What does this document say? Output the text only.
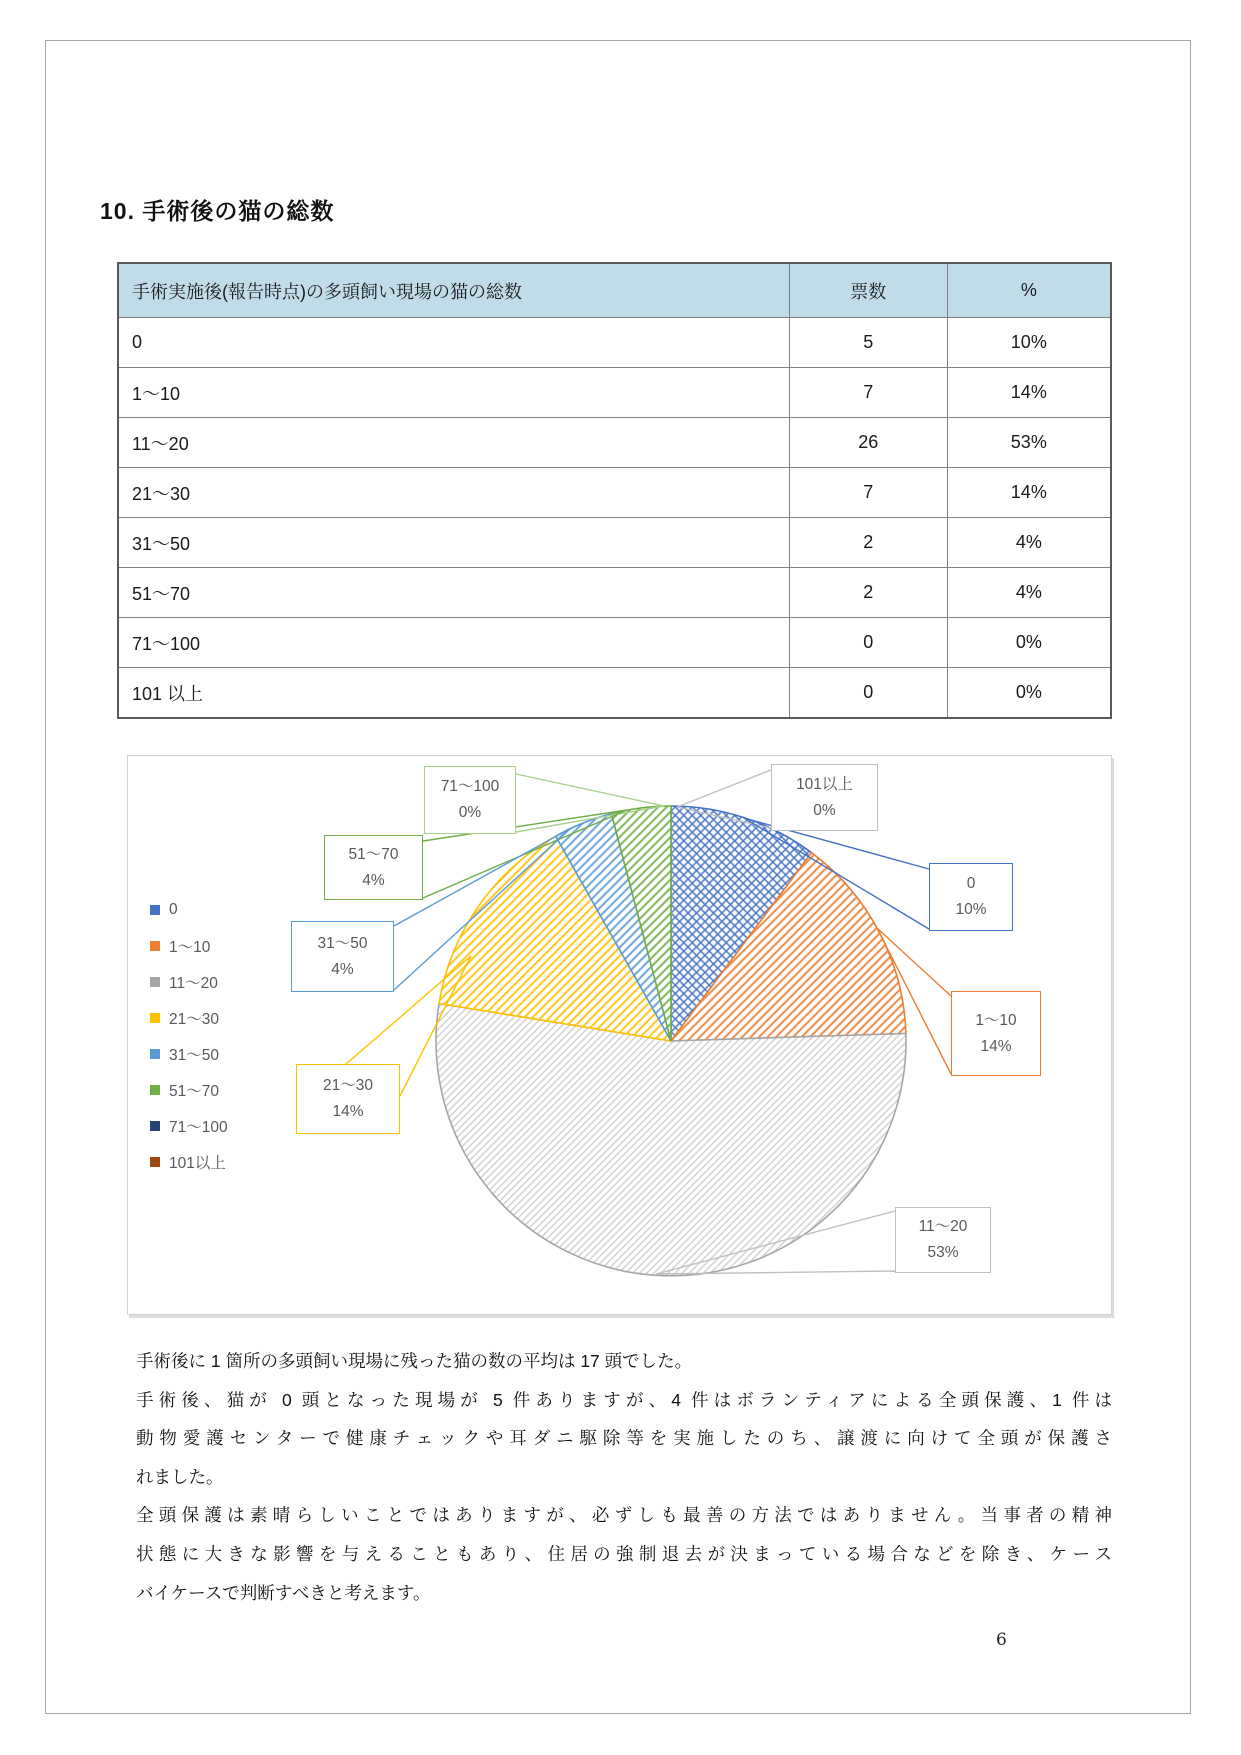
10. 手術後の猫の総数
手術実施後(報告時点)の多頭飼い現場の猫の総数	票数	%
0	5	10%
1～10	7	14%
11～20	26	53%
21～30	7	14%
31～50	2	4%
51～70	2	4%
71～100	0	0%
101 以上	0	0%
0
1～10
11～20
21～30
31～50
51～70
71～100
101以上
71～100
0%
101以上
0%
0
10%
1～10
14%
51～70
4%
31～50
4%
21～30
14%
11～20
53%
手術後に 1 箇所の多頭飼い現場に残った猫の数の平均は 17 頭でした。
手術後、猫が 0 頭となった現場が 5 件ありますが、4 件はボランティアによる全頭保護、1 件は
動物愛護センターで健康チェックや耳ダニ駆除等を実施したのち、譲渡に向けて全頭が保護さ
れました。
全頭保護は素晴らしいことではありますが、必ずしも最善の方法ではありません。当事者の精神
状態に大きな影響を与えることもあり、住居の強制退去が決まっている場合などを除き、ケース
バイケースで判断すべきと考えます。
6
